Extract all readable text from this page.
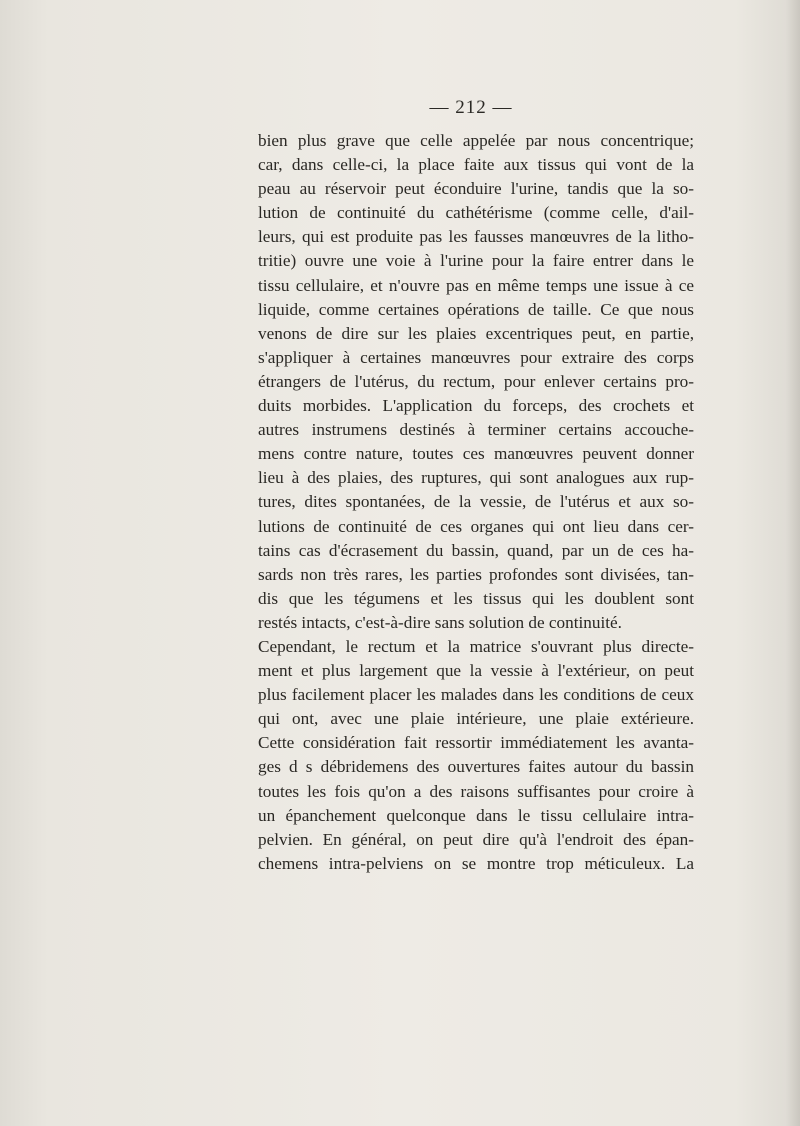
— 212 —
bien plus grave que celle appelée par nous concentrique;
car, dans celle-ci, la place faite aux tissus qui vont de la
peau au réservoir peut éconduire l'urine, tandis que la so-
lution de continuité du cathétérisme (comme celle, d'ail-
leurs, qui est produite pas les fausses manœuvres de la litho-
tritie) ouvre une voie à l'urine pour la faire entrer dans le
tissu cellulaire, et n'ouvre pas en même temps une issue à ce
liquide, comme certaines opérations de taille. Ce que nous
venons de dire sur les plaies excentriques peut, en partie,
s'appliquer à certaines manœuvres pour extraire des corps
étrangers de l'utérus, du rectum, pour enlever certains pro-
duits morbides. L'application du forceps, des crochets et
autres instrumens destinés à terminer certains accouche-
mens contre nature, toutes ces manœuvres peuvent donner
lieu à des plaies, des ruptures, qui sont analogues aux rup-
tures, dites spontanées, de la vessie, de l'utérus et aux so-
lutions de continuité de ces organes qui ont lieu dans cer-
tains cas d'écrasement du bassin, quand, par un de ces ha-
sards non très rares, les parties profondes sont divisées, tan-
dis que les tégumens et les tissus qui les doublent sont
restés intacts, c'est-à-dire sans solution de continuité.
Cependant, le rectum et la matrice s'ouvrant plus directe-
ment et plus largement que la vessie à l'extérieur, on peut
plus facilement placer les malades dans les conditions de ceux
qui ont, avec une plaie intérieure, une plaie extérieure.
Cette considération fait ressortir immédiatement les avanta-
ges d s débridemens des ouvertures faites autour du bassin
toutes les fois qu'on a des raisons suffisantes pour croire à
un épanchement quelconque dans le tissu cellulaire intra-
pelvien. En général, on peut dire qu'à l'endroit des épan-
chemens intra-pelviens on se montre trop méticuleux. La
